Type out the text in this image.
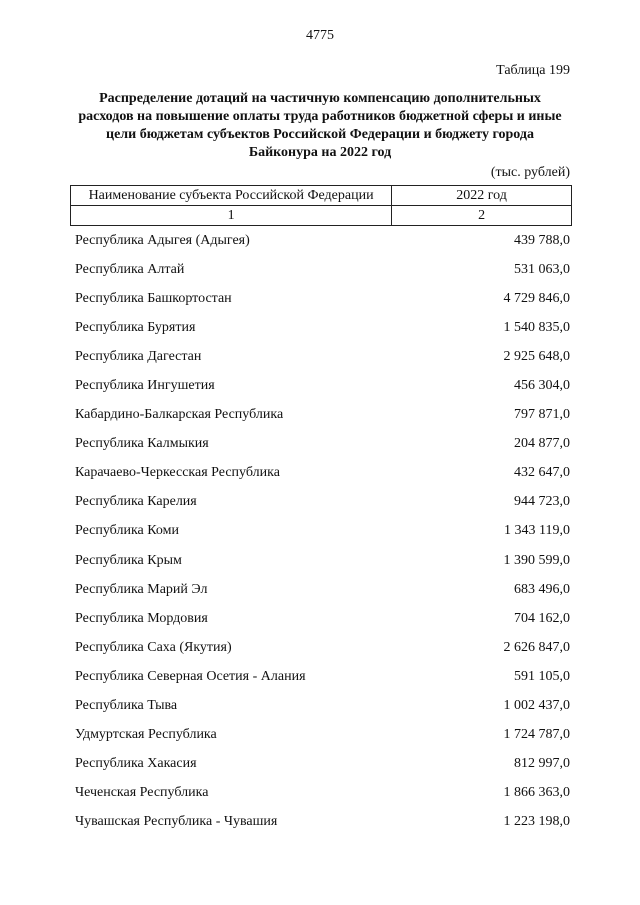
4775
Таблица 199
Распределение дотаций на частичную компенсацию дополнительных расходов на повышение оплаты труда работников бюджетной сферы и иные цели бюджетам субъектов Российской Федерации и бюджету города Байконура на 2022 год
(тыс. рублей)
Наименование субъекта Российской Федерации	2022 год
1	2
Республика Адыгея (Адыгея)	439 788,0
Республика Алтай	531 063,0
Республика Башкортостан	4 729 846,0
Республика Бурятия	1 540 835,0
Республика Дагестан	2 925 648,0
Республика Ингушетия	456 304,0
Кабардино-Балкарская Республика	797 871,0
Республика Калмыкия	204 877,0
Карачаево-Черкесская Республика	432 647,0
Республика Карелия	944 723,0
Республика Коми	1 343 119,0
Республика Крым	1 390 599,0
Республика Марий Эл	683 496,0
Республика Мордовия	704 162,0
Республика Саха (Якутия)	2 626 847,0
Республика Северная Осетия - Алания	591 105,0
Республика Тыва	1 002 437,0
Удмуртская Республика	1 724 787,0
Республика Хакасия	812 997,0
Чеченская Республика	1 866 363,0
Чувашская Республика - Чувашия	1 223 198,0
